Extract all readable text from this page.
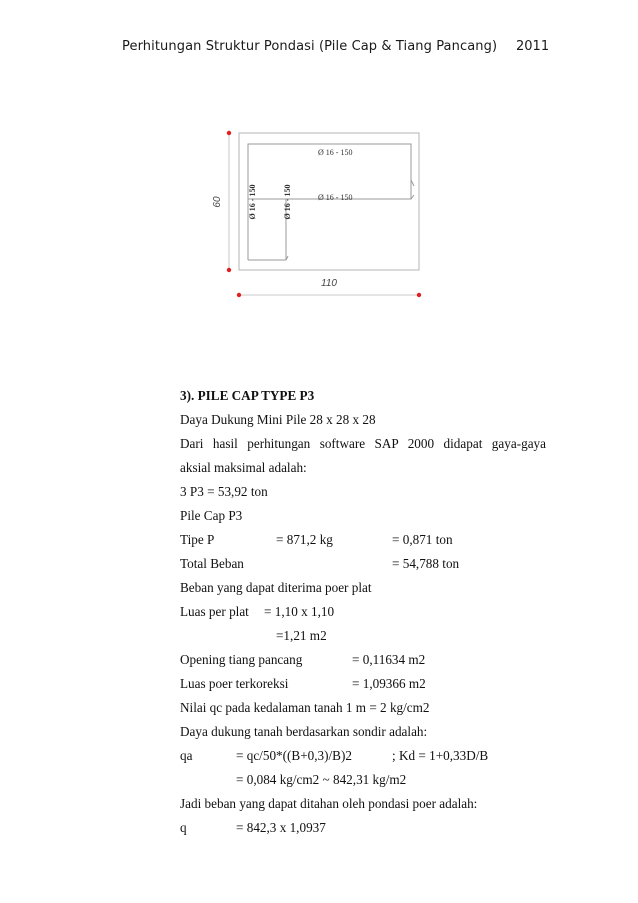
Perhitungan Struktur Pondasi (Pile Cap & Tiang Pancang) 2011
60
110
Ø 16 - 150
Ø 16 - 150
Ø 16 - 150	Ø 16 - 150
3). PILE CAP TYPE P3
Daya Dukung Mini Pile 28 x 28 x 28
Dari hasil perhitungan software SAP 2000 didapat gaya-gaya
aksial maksimal adalah:
3 P3 = 53,92 ton
Pile Cap P3
Tipe P	= 871,2 kg	= 0,871 ton
Total Beban	= 54,788 ton
Beban yang dapat diterima poer plat
Luas per plat = 1,10 x 1,10
=1,21 m2
Opening tiang pancang	= 0,11634 m2
Luas poer terkoreksi	= 1,09366 m2
Nilai qc pada kedalaman tanah 1 m = 2 kg/cm2
Daya dukung tanah berdasarkan sondir adalah:
qa	= qc/50*((B+0,3)/B)2	; Kd = 1+0,33D/B
= 0,084 kg/cm2 ~ 842,31 kg/m2
Jadi beban yang dapat ditahan oleh pondasi poer adalah:
q	= 842,3 x 1,0937
